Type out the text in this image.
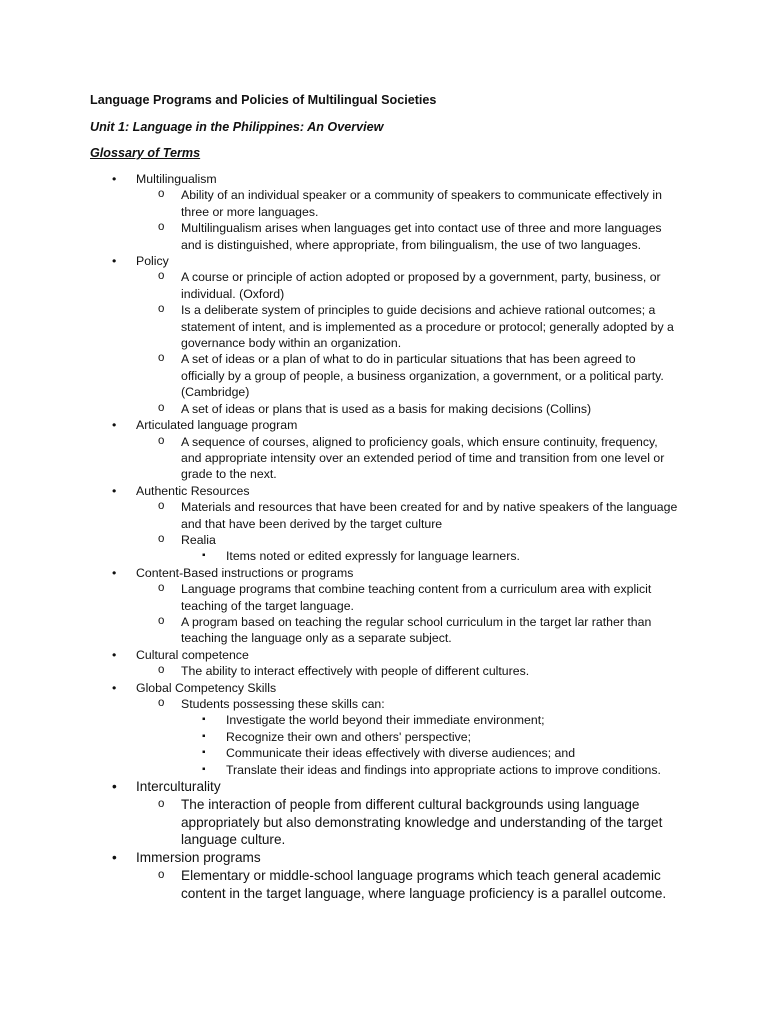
Language Programs and Policies of Multilingual Societies
Unit 1: Language in the Philippines: An Overview
Glossary of Terms
• Multilingualism
o Ability of an individual speaker or a community of speakers to communicate effectively in three or more languages.
o Multilingualism arises when languages get into contact use of three and more languages and is distinguished, where appropriate, from bilingualism, the use of two languages.
• Policy
o A course or principle of action adopted or proposed by a government, party, business, or individual. (Oxford)
o Is a deliberate system of principles to guide decisions and achieve rational outcomes; a statement of intent, and is implemented as a procedure or protocol; generally adopted by a governance body within an organization.
o A set of ideas or a plan of what to do in particular situations that has been agreed to officially by a group of people, a business organization, a government, or a political party. (Cambridge)
o A set of ideas or plans that is used as a basis for making decisions (Collins)
• Articulated language program
o A sequence of courses, aligned to proficiency goals, which ensure continuity, frequency, and appropriate intensity over an extended period of time and transition from one level or grade to the next.
• Authentic Resources
o Materials and resources that have been created for and by native speakers of the language and that have been derived by the target culture
o Realia
▪ Items noted or edited expressly for language learners.
• Content-Based instructions or programs
o Language programs that combine teaching content from a curriculum area with explicit teaching of the target language.
o A program based on teaching the regular school curriculum in the target lar rather than teaching the language only as a separate subject.
• Cultural competence
o The ability to interact effectively with people of different cultures.
• Global Competency Skills
o Students possessing these skills can:
▪ Investigate the world beyond their immediate environment;
▪ Recognize their own and others' perspective;
▪ Communicate their ideas effectively with diverse audiences; and
▪ Translate their ideas and findings into appropriate actions to improve conditions.
• Interculturality
o The interaction of people from different cultural backgrounds using language appropriately but also demonstrating knowledge and understanding of the target language culture.
• Immersion programs
o Elementary or middle-school language programs which teach general academic content in the target language, where language proficiency is a parallel outcome.
